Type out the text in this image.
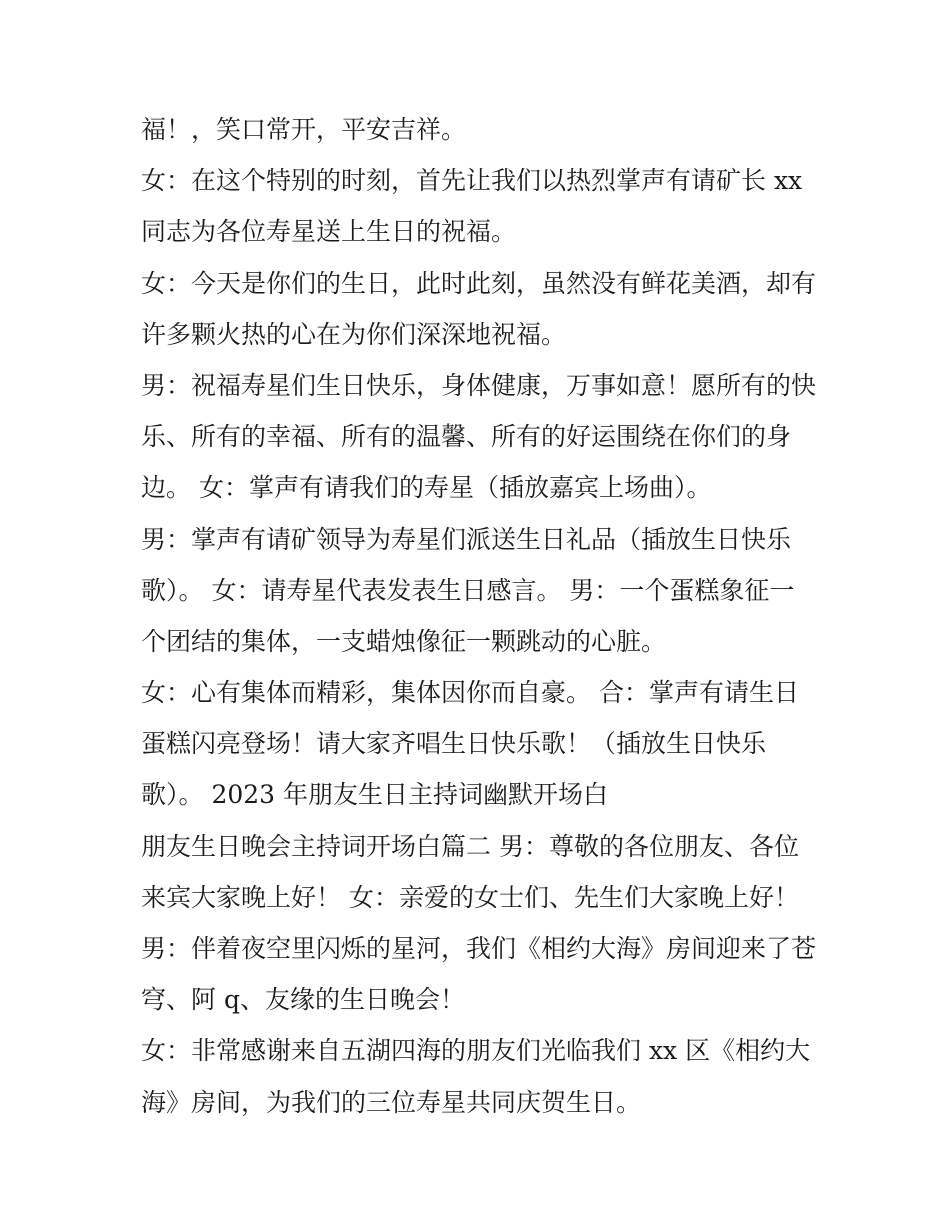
福！，笑口常开，平安吉祥。
女：在这个特别的时刻，首先让我们以热烈掌声有请矿长 xx
同志为各位寿星送上生日的祝福。
女：今天是你们的生日，此时此刻，虽然没有鲜花美酒，却有
许多颗火热的心在为你们深深地祝福。
男：祝福寿星们生日快乐，身体健康，万事如意！愿所有的快
乐、所有的幸福、所有的温馨、所有的好运围绕在你们的身
边。 女：掌声有请我们的寿星（插放嘉宾上场曲）。
男：掌声有请矿领导为寿星们派送生日礼品（插放生日快乐
歌）。 女：请寿星代表发表生日感言。 男：一个蛋糕象征一
个团结的集体，一支蜡烛像征一颗跳动的心脏。
女：心有集体而精彩，集体因你而自豪。 合：掌声有请生日
蛋糕闪亮登场！请大家齐唱生日快乐歌！（插放生日快乐
歌）。 2023 年朋友生日主持词幽默开场白
朋友生日晚会主持词开场白篇二 男：尊敬的各位朋友、各位
来宾大家晚上好！ 女：亲爱的女士们、先生们大家晚上好！
男：伴着夜空里闪烁的星河，我们《相约大海》房间迎来了苍
穹、阿 q、友缘的生日晚会！
女：非常感谢来自五湖四海的朋友们光临我们 xx 区《相约大
海》房间，为我们的三位寿星共同庆贺生日。
